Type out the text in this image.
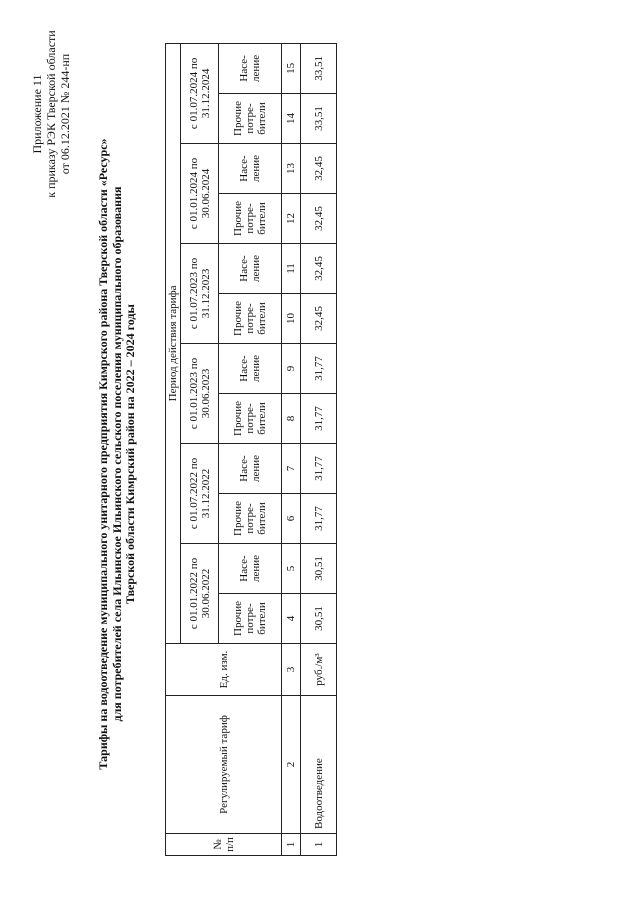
Приложение 11 к приказу РЭК Тверской области от 06.12.2021 № 244-нп
Тарифы на водоотведение муниципального унитарного предприятия Кимрского района Тверской области «Ресурс» для потребителей села Ильинское Ильинского сельского поселения муниципального образования Тверской области Кимрский район на 2022 – 2024 годы
№ п/п	Регулируемый тариф	Ед. изм.	Период действия тарифа											
			с 01.01.2022 по 30.06.2022		с 01.07.2022 по 31.12.2022		с 01.01.2023 по 30.06.2023		с 01.07.2023 по 31.12.2023		с 01.01.2024 по 30.06.2024		с 01.07.2024 по 31.12.2024	
			Прочие потре-бители	Насе-ление	Прочие потре-бители	Насе-ление	Прочие потре-бители	Насе-ление	Прочие потре-бители	Насе-ление	Прочие потре-бители	Насе-ление	Прочие потре-бители	Насе-ление
1	2	3	4	5	6	7	8	9	10	11	12	13	14	15
1	Водоотведение	руб./м³	30,51	30,51	31,77	31,77	31,77	31,77	32,45	32,45	32,45	32,45	33,51	33,51
